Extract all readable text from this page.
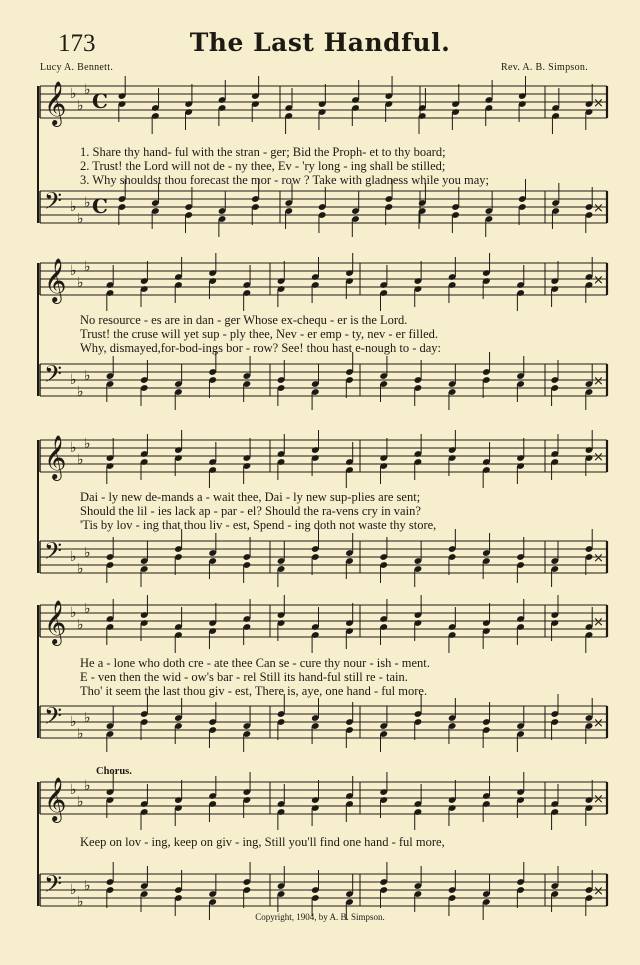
173	The Last Handful.
Lucy A. Bennett.	Rev. A. B. Simpson.
𝄞 ♭
♭
♭ C
𝄢 ♭
♭
♭ C
×
×
𝄞 ♭
♭
♭
𝄢 ♭
♭
♭
×
×
𝄞 ♭
♭
♭
𝄢 ♭
♭
♭
×
×
𝄞 ♭
♭
♭
𝄢 ♭
♭
♭
×
×
𝄞 ♭
♭
♭
𝄢 ♭
♭
♭
×
×
1. Share thy hand- ful with the stran - ger; Bid the Proph- et to thy board;
2. Trust! the Lord will not de - ny thee, Ev - 'ry long - ing shall be stilled;
3. Why shouldst thou forecast the mor - row ? Take with gladness while you may;
No resource - es are in dan - ger Whose ex-chequ - er is the Lord.
Trust! the cruse will yet sup - ply thee, Nev - er emp - ty, nev - er filled.
Why, dismayed,for-bod-ings bor - row? See! thou hast e-nough to - day:
Dai - ly new de-mands a - wait thee, Dai - ly new sup-plies are sent;
Should the lil - ies lack ap - par - el? Should the ra-vens cry in vain?
'Tis by lov - ing that thou liv - est, Spend - ing doth not waste thy store,
He a - lone who doth cre - ate thee Can se - cure thy nour - ish - ment.
E - ven then the wid - ow's bar - rel Still its hand-ful still re - tain.
Tho' it seem the last thou giv - est, There is, aye, one hand - ful more.
Chorus.
Keep on lov - ing, keep on giv - ing, Still you'll find one hand - ful more,
Copyright, 1904, by A. B. Simpson.
